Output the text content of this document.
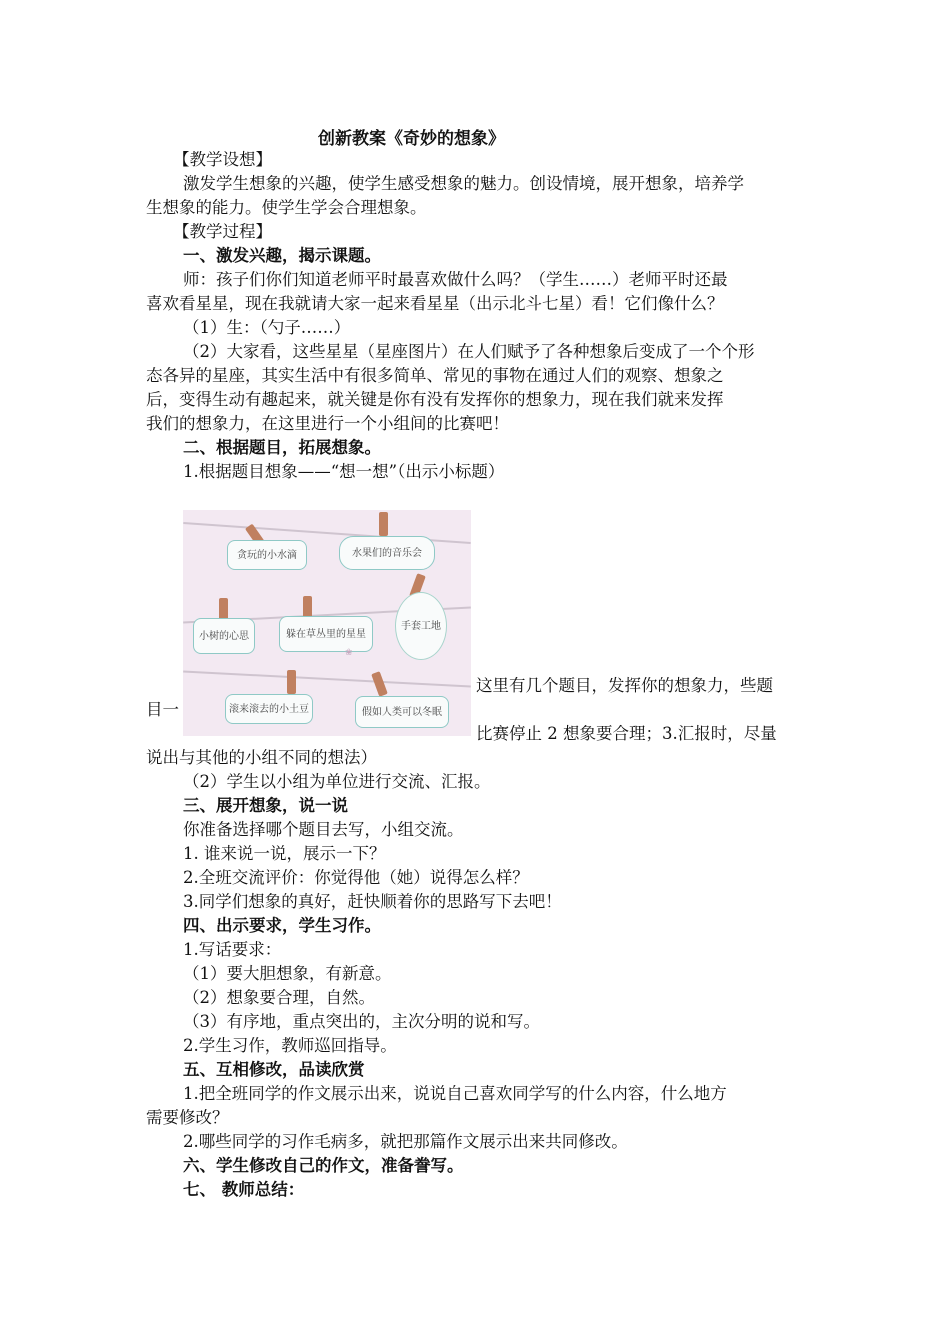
创新教案《奇妙的想象》
【教学设想】
激发学生想象的兴趣，使学生感受想象的魅力。创设情境，展开想象，培养学
生想象的能力。使学生学会合理想象。
【教学过程】
一、激发兴趣，揭示课题。
师：孩子们你们知道老师平时最喜欢做什么吗？（学生……）老师平时还最
喜欢看星星，现在我就请大家一起来看星星（出示北斗七星）看！它们像什么？
（1）生：（勺子……）
（2）大家看，这些星星（星座图片）在人们赋予了各种想象后变成了一个个形
态各异的星座，其实生活中有很多简单、常见的事物在通过人们的观察、想象之
后，变得生动有趣起来，就关键是你有没有发挥你的想象力，现在我们就来发挥
我们的想象力，在这里进行一个小组间的比赛吧！
二、根据题目，拓展想象。
1.根据题目想象——“想一想”（出示小标题）
这里有几个题目，发挥你的想象力，些题
目一
比赛停止 2 想象要合理；3.汇报时，尽量
说出与其他的小组不同的想法）
（2）学生以小组为单位进行交流、汇报。
三、展开想象，说一说
你准备选择哪个题目去写，小组交流。
1. 谁来说一说，展示一下？
2.全班交流评价：你觉得他（她）说得怎么样？
3.同学们想象的真好，赶快顺着你的思路写下去吧！
四、出示要求，学生习作。
1.写话要求：
（1）要大胆想象，有新意。
（2）想象要合理，自然。
（3）有序地，重点突出的，主次分明的说和写。
2.学生习作，教师巡回指导。
五、互相修改，品读欣赏
1.把全班同学的作文展示出来，说说自己喜欢同学写的什么内容，什么地方
需要修改？
2.哪些同学的习作毛病多，就把那篇作文展示出来共同修改。
六、学生修改自己的作文，准备誊写。
七、 教师总结：
贪玩的小水滴	水果们的音乐会
小树的心思	躲在草丛里的星星
❀
手套工地
滚来滚去的小土豆	假如人类可以冬眠
